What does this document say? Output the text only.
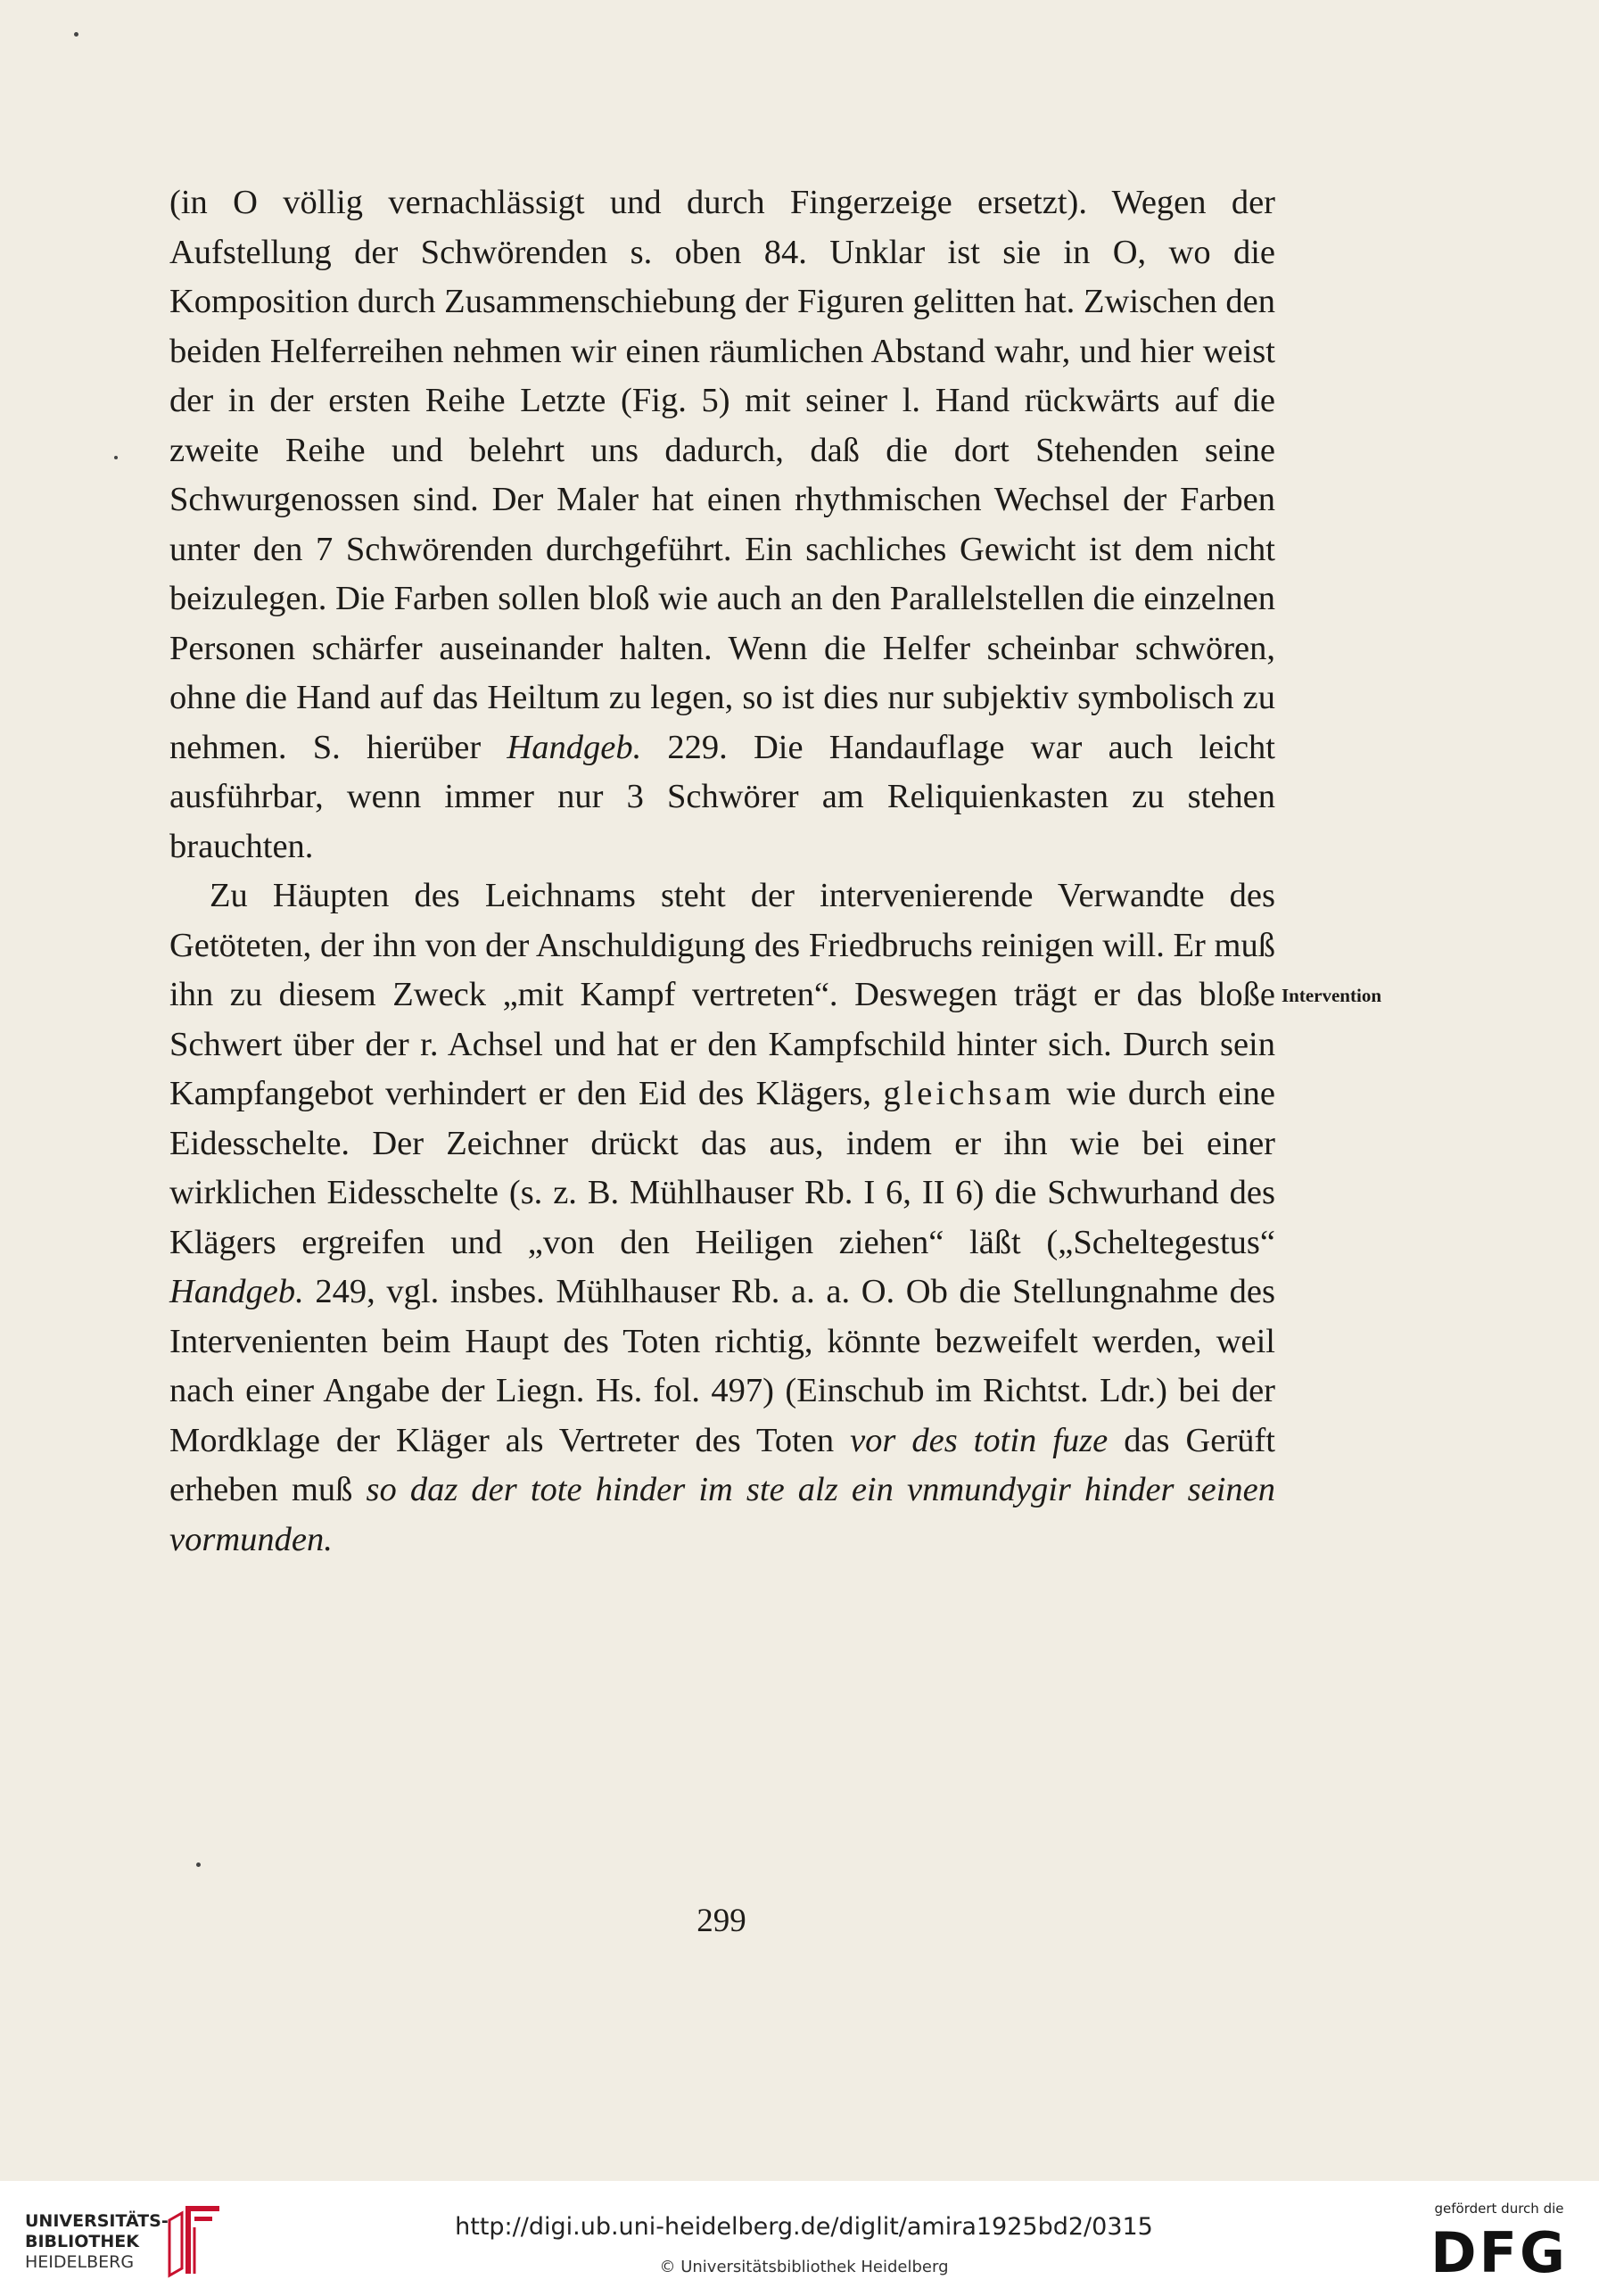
(in O völlig vernachlässigt und durch Fingerzeige ersetzt). Wegen der Aufstellung der Schwörenden s. oben 84. Unklar ist sie in O, wo die Komposition durch Zusammenschiebung der Figuren gelitten hat. Zwischen den beiden Helferreihen nehmen wir einen räumlichen Abstand wahr, und hier weist der in der ersten Reihe Letzte (Fig. 5) mit seiner l. Hand rückwärts auf die zweite Reihe und belehrt uns dadurch, daß die dort Stehenden seine Schwurgenossen sind. Der Maler hat einen rhythmischen Wechsel der Farben unter den 7 Schwörenden durchgeführt. Ein sachliches Gewicht ist dem nicht beizulegen. Die Farben sollen bloß wie auch an den Parallelstellen die einzelnen Personen schärfer auseinander halten. Wenn die Helfer scheinbar schwören, ohne die Hand auf das Heiltum zu legen, so ist dies nur subjektiv symbolisch zu nehmen. S. hierüber Handgeb. 229. Die Handauflage war auch leicht ausführbar, wenn immer nur 3 Schwörer am Reliquienkasten zu stehen brauchten.

Zu Häupten des Leichnams steht der intervenierende Verwandte des Getöteten, der ihn von der Anschuldigung des Friedbruchs reinigen will. Er muß ihn zu diesem Zweck „mit Kampf vertreten“. Deswegen trägt er das bloße Schwert über der r. Achsel und hat er den Kampfschild hinter sich. Durch sein Kampfangebot verhindert er den Eid des Klägers, gleichsam wie durch eine Eidesschelte. Der Zeichner drückt das aus, indem er ihn wie bei einer wirklichen Eidesschelte (s. z. B. Mühlhauser Rb. I 6, II 6) die Schwurhand des Klägers ergreifen und „von den Heiligen ziehen“ läßt („Scheltegestus“ Handgeb. 249, vgl. insbes. Mühlhauser Rb. a. a. O. Ob die Stellungnahme des Intervenienten beim Haupt des Toten richtig, könnte bezweifelt werden, weil nach einer Angabe der Liegn. Hs. fol. 497) (Einschub im Richtst. Ldr.) bei der Mordklage der Kläger als Vertreter des Toten vor des totin fuze das Gerüft erheben muß so daz der tote hinder im ste alz ein vnmundygir hinder seinen vormunden.

Intervention
299
UNIVERSITÄTS-
BIBLIOTHEK
HEIDELBERG
http://digi.ub.uni-heidelberg.de/diglit/amira1925bd2/0315
© Universitätsbibliothek Heidelberg
gefördert durch die
DFG
